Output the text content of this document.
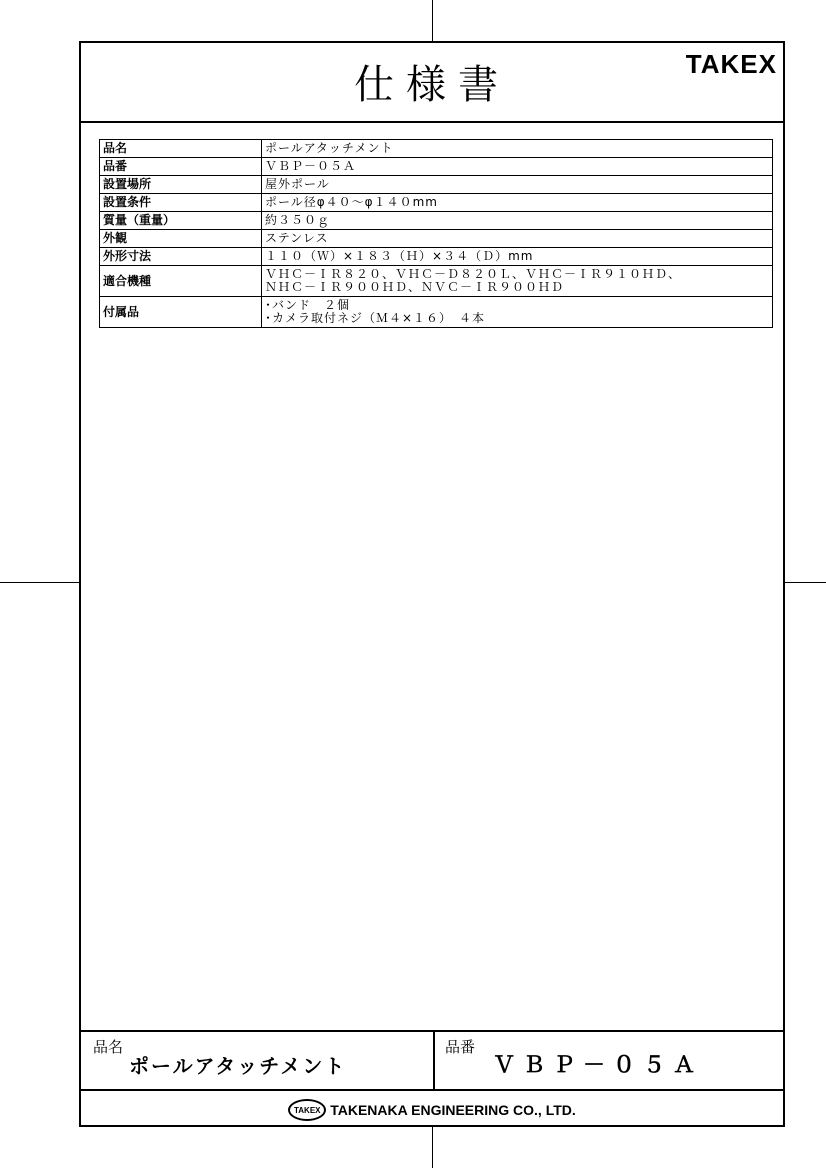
仕様書	TAKEX
品名	ポールアタッチメント

品番	ＶＢＰ－０５Ａ

設置場所	屋外ポール

設置条件	ポール径φ４０～φ１４０mm

質量（重量）	約３５０ｇ

外観	ステンレス

外形寸法	１１０（Ｗ）×１８３（Ｈ）×３４（Ｄ）mm

適合機種	ＶＨＣ－ＩＲ８２０、ＶＨＣ－Ｄ８２０Ｌ、ＶＨＣ－ＩＲ９１０ＨＤ、
ＮＨＣ－ＩＲ９００ＨＤ、ＮＶＣ－ＩＲ９００ＨＤ

付属品	･バンド　２個
･カメラ取付ネジ（Ｍ４×１６）　４本
品名
ポールアタッチメント
品番
ＶＢＰ－０５Ａ
TAKEX TAKENAKA ENGINEERING CO., LTD.
